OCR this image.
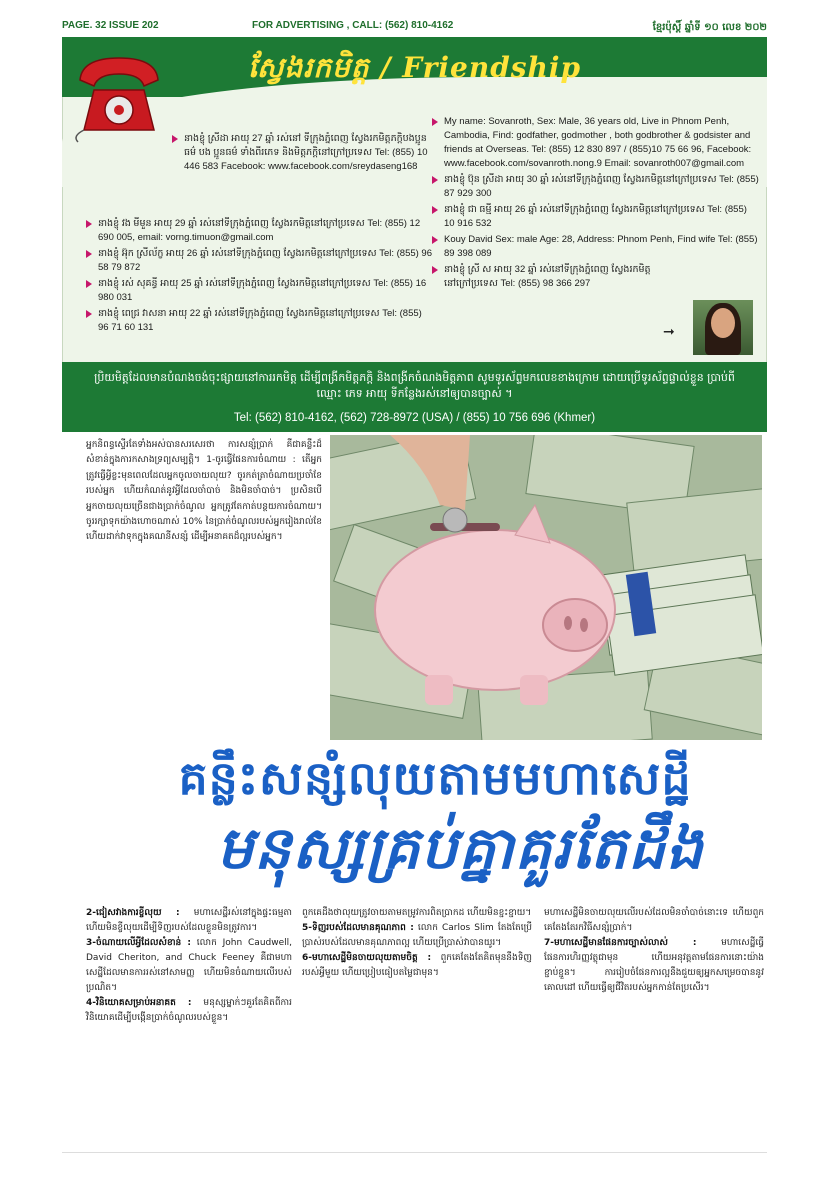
PAGE. 32 ISSUE 202	FOR ADVERTISING , CALL: (562) 810-4162	ខ្មែរប៉ុស្ដិ៍ ឆ្នាំទី ១០ លេខ ២០២
ស្វែងរកមិត្ត / Friendship
នាងខ្ញុំ ស្រីដា អាយុ 27 ឆ្នាំ រស់នៅ ទីក្រុងភ្នំពេញ ស្វែងរកមិត្តភក្ដិបងប្អូនធម៌ បង ប្អូនធម៌ ទាំងពីរភេទ និងមិត្តភក្ដិនៅក្រៅប្រទេស Tel: (855) 10 446 583 Facebook: www.facebook.com/sreydaseng168
នាងខ្ញុំ វង មីមួន អាយុ 29 ឆ្នាំ រស់នៅទីក្រុងភ្នំពេញ ស្វែងរកមិត្តនៅក្រៅប្រទេស Tel: (855) 12 690 005, email: vorng.timuon@gmail.com
នាងខ្ញុំ អ៊ុក ស្រីល័ក្ខ អាយុ 26 ឆ្នាំ រស់នៅទីក្រុងភ្នំពេញ ស្វែងរកមិត្តនៅក្រៅប្រទេស Tel: (855) 96 58 79 872
នាងខ្ញុំ រស់ សុគន្ធី អាយុ 25 ឆ្នាំ រស់នៅទីក្រុងភ្នំពេញ ស្វែងរកមិត្តនៅក្រៅប្រទេស Tel: (855) 16 980 031
នាងខ្ញុំ ពេជ្រ វាសនា អាយុ 22 ឆ្នាំ រស់នៅទីក្រុងភ្នំពេញ ស្វែងរកមិត្តនៅក្រៅប្រទេស Tel: (855) 96 71 60 131
My name: Sovanroth, Sex: Male, 36 years old, Live in Phnom Penh, Cambodia, Find: godfather, godmother , both godbrother & godsister and friends at Overseas. Tel: (855) 12 830 897 / (855)10 75 66 96, Facebook: www.facebook.com/sovanroth.nong.9 Email: sovanroth007@gmail.com
នាងខ្ញុំ ប៊ុន ស្រីដា អាយុ 30 ឆ្នាំ រស់នៅទីក្រុងភ្នំពេញ ស្វែងរកមិត្តនៅក្រៅប្រទេស Tel: (855) 87 929 300
នាងខ្ញុំ ជា ធម្មី អាយុ 26 ឆ្នាំ រស់នៅទីក្រុងភ្នំពេញ ស្វែងរកមិត្តនៅក្រៅប្រទេស Tel: (855) 10 916 532
Kouy David Sex: male Age: 28, Address: Phnom Penh, Find wife Tel: (855) 89 398 089
នាងខ្ញុំ ស្រី ស អាយុ 32 ឆ្នាំ រស់នៅទីក្រុងភ្នំពេញ ស្វែងរកមិត្តនៅក្រៅប្រទេស Tel: (855) 98 366 297
➞
ប្រិយមិត្តដែលមានបំណងចង់ចុះផ្សាយនៅការរកមិត្ត ដើម្បីពង្រីកមិត្តភក្ដិ និងពង្រីកចំណងមិត្តភាព សូមទូរស័ព្ទមកលេខខាងក្រោម ដោយប្រើទូរស័ព្ទផ្ទាល់ខ្លួន ប្រាប់ពីឈ្មោះ ភេទ អាយុ ទីកន្លែងរស់នៅឲ្យបានច្បាស់ ។
Tel: (562) 810-4162, (562) 728-8972 (USA) / (855) 10 756 696 (Khmer)
អ្នកនិពន្ធស្ទើរតែទាំងអស់បានសរសេរថា ការសន្សំប្រាក់ គឺជាគន្លឹះដ៏សំខាន់ក្នុងការកសាងទ្រព្យសម្បត្តិ។ 1-ចូរធ្វើផែនការចំណាយ : តើអ្នកត្រូវធ្វើអ្វីខ្លះមុនពេលដែលអ្នកចូលចាយលុយ? ចូរកត់ត្រាចំណាយប្រចាំខែរបស់អ្នក ហើយកំណត់នូវអ្វីដែលចាំបាច់ និងមិនចាំបាច់។ ប្រសិនបើអ្នកចាយលុយច្រើនជាងប្រាក់ចំណូល អ្នកត្រូវតែកាត់បន្ថយការចំណាយ។ ចូររក្សាទុកយ៉ាងហោចណាស់ 10% នៃប្រាក់ចំណូលរបស់អ្នករៀងរាល់ខែ ហើយដាក់វាទុកក្នុងគណនីសន្សំ ដើម្បីអនាគតដ៏ល្អរបស់អ្នក។
គន្លឹះសន្សំលុយតាមមហាសេដ្ឋី
មនុស្សគ្រប់គ្នាគួរតែដឹង

2-ជៀសវាងការខ្ចីលុយ : មហាសេដ្ឋីរស់នៅក្នុងផ្ទះធម្មតា ហើយមិនខ្ចីលុយដើម្បីទិញរបស់ដែលខ្លួនមិនត្រូវការ។

3-ចំណាយលើអ្វីដែលសំខាន់ : លោក John Caudwell, David Cheriton, and Chuck Feeney គឺជាមហាសេដ្ឋីដែលមានការរស់នៅសាមញ្ញ ហើយមិនចំណាយលើរបស់ប្រណិត។

4-វិនិយោគសម្រាប់អនាគត : មនុស្សម្នាក់ៗគួរតែគិតពីការវិនិយោគដើម្បីបង្កើនប្រាក់ចំណូលរបស់ខ្លួន។

ពួកគេដឹងថាលុយត្រូវចាយតាមតម្រូវការពិតប្រាកដ ហើយមិនខ្ជះខ្ជាយ។

5-ទិញរបស់ដែលមានគុណភាព : លោក Carlos Slim តែងតែប្រើប្រាស់របស់ដែលមានគុណភាពល្អ ហើយប្រើប្រាស់វាបានយូរ។

6-មហាសេដ្ឋីមិនចាយលុយតាមចិត្ត : ពួកគេតែងតែគិតមុននឹងទិញរបស់អ្វីមួយ ហើយប្រៀបធៀបតម្លៃជាមុន។

មហាសេដ្ឋីមិនចាយលុយលើរបស់ដែលមិនចាំបាច់នោះទេ ហើយពួកគេតែងតែរកវិធីសន្សំប្រាក់។

7-មហាសេដ្ឋីមានផែនការច្បាស់លាស់ :	មហាសេដ្ឋីធ្វើផែនការហិរញ្ញវត្ថុជាមុន ហើយអនុវត្តតាមផែនការនោះយ៉ាងខ្ជាប់ខ្ជួន។ ការរៀបចំផែនការល្អនឹងជួយឲ្យអ្នកសម្រេចបាននូវគោលដៅ ហើយធ្វើឲ្យជីវិតរបស់អ្នកកាន់តែប្រសើរ។
